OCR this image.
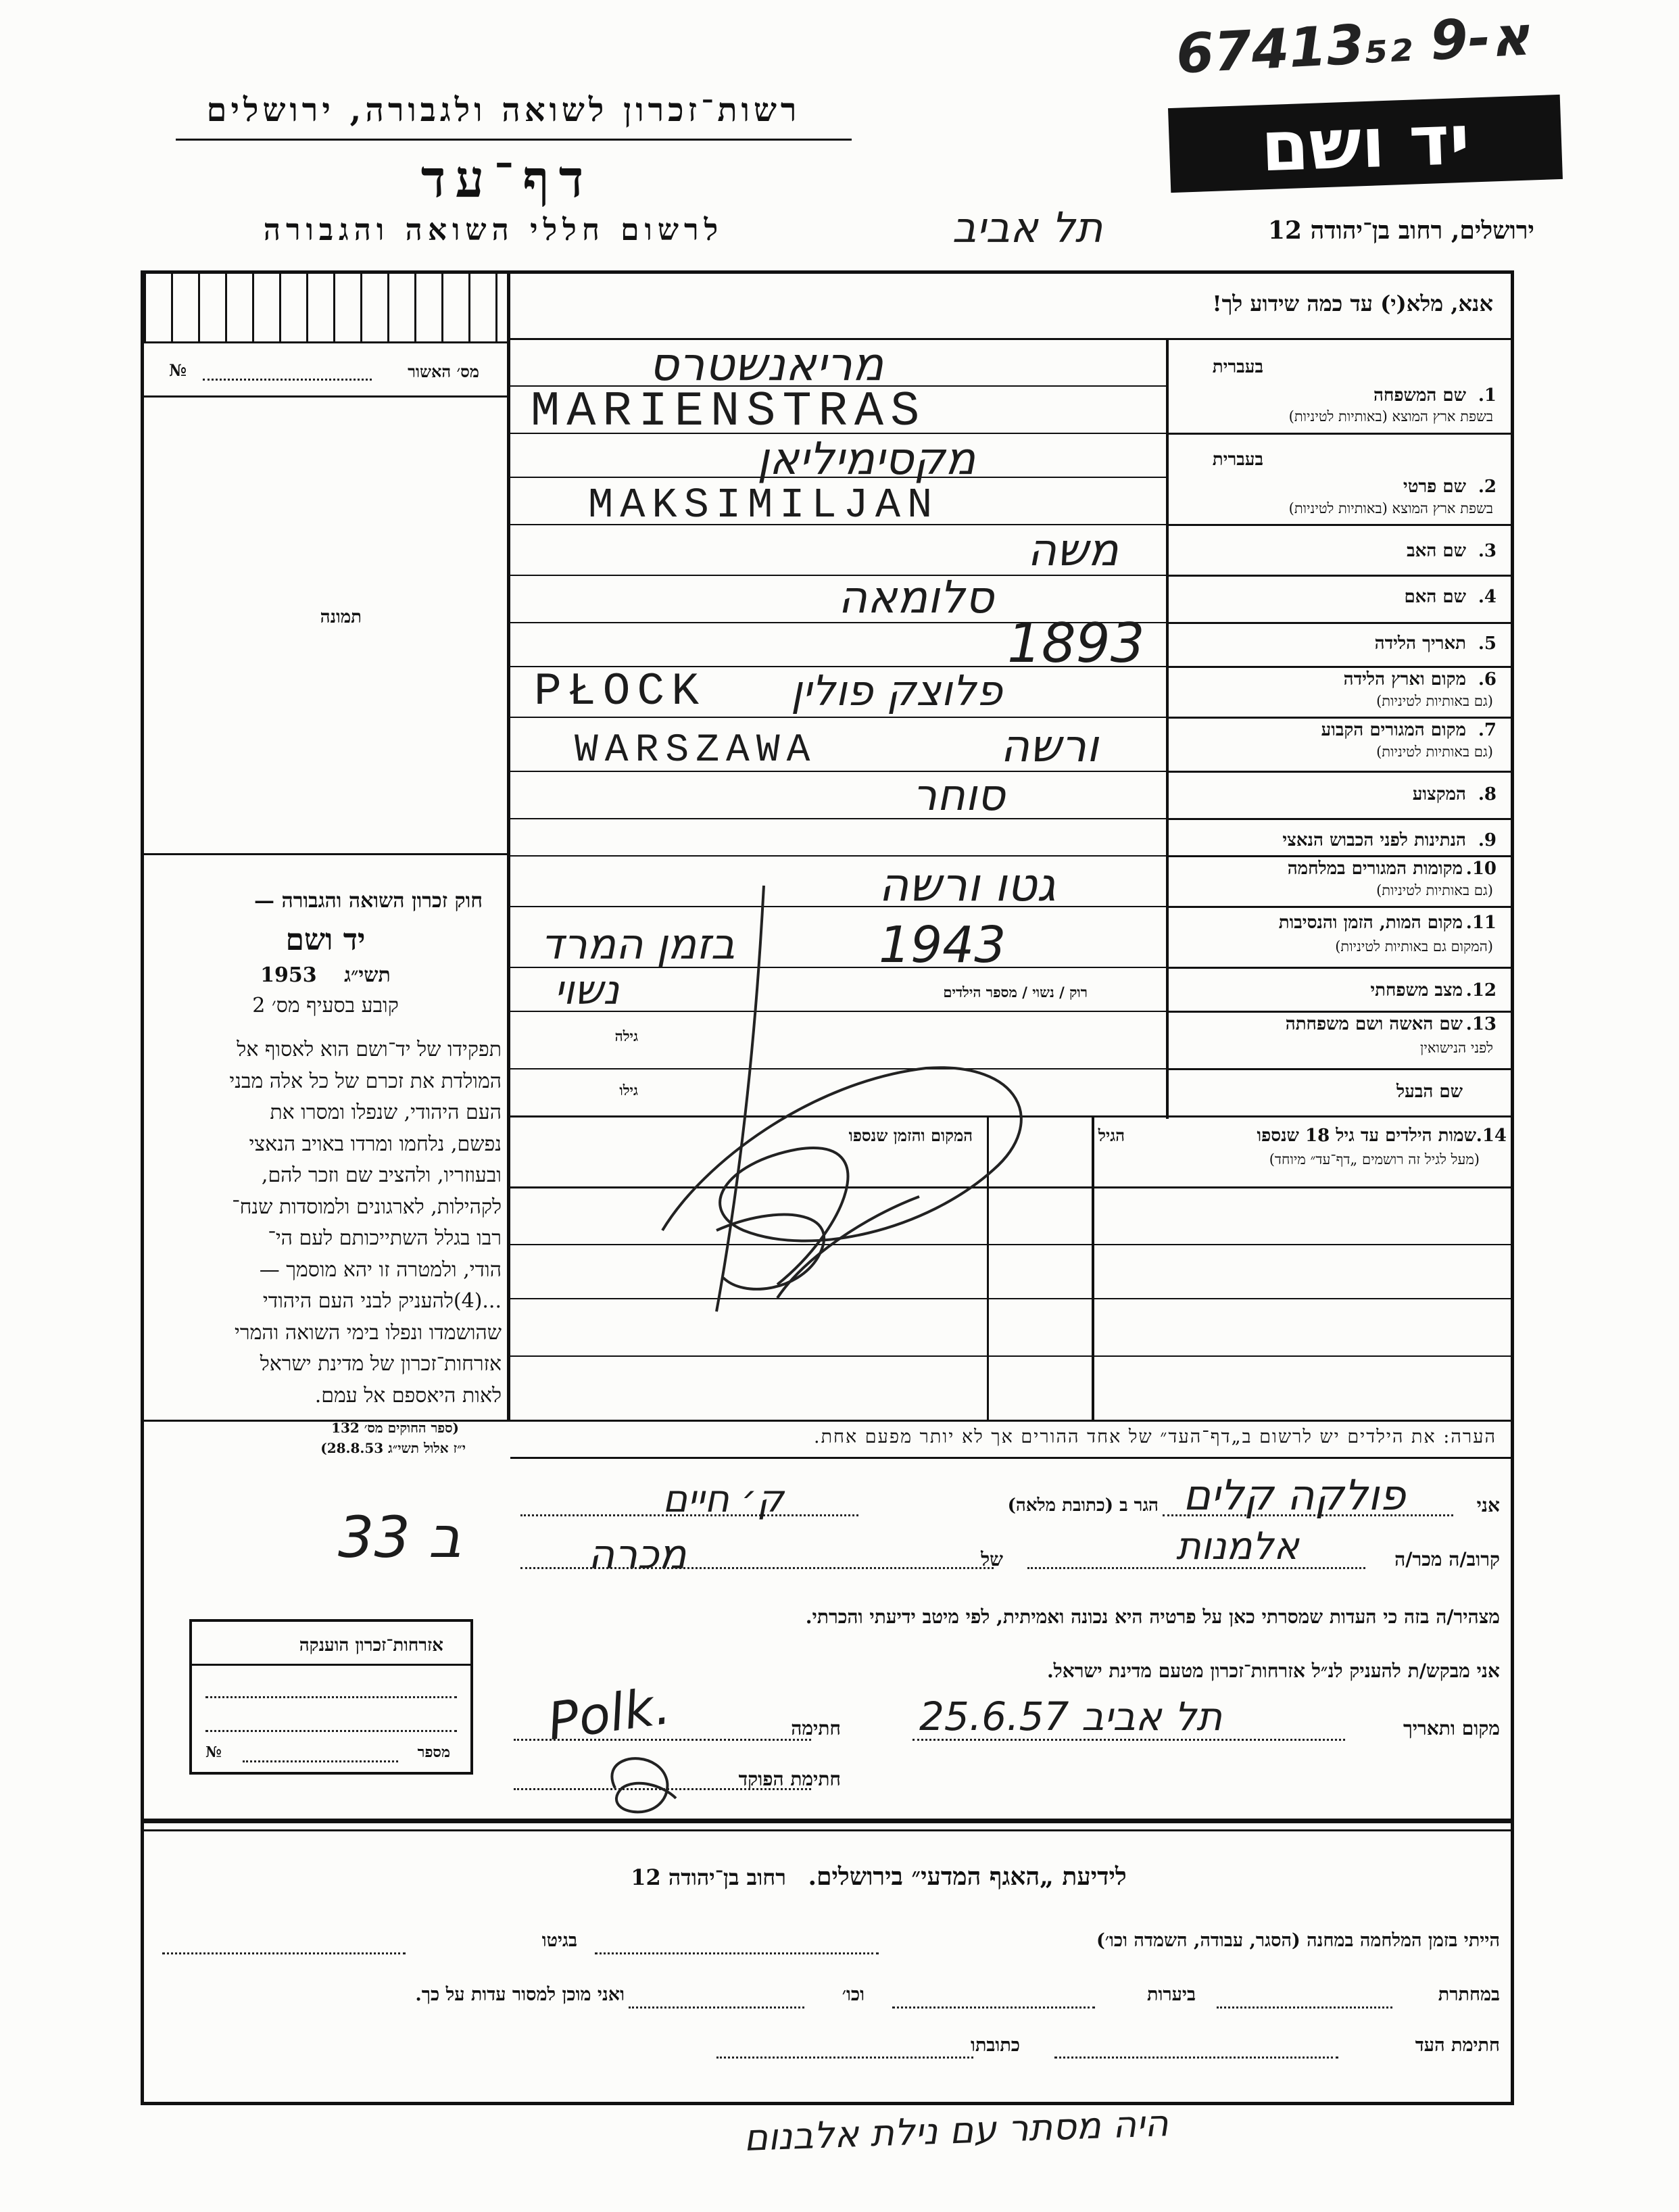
67413₅₂ א-9
רשות־זכרון לשואה ולגבורה, ירושלים
דף־עד
לרשום חללי השואה והגבורה
יד ושם
ירושלים, רחוב בן־יהודה 12
תל אביב
אנא, מלא(י) עד כמה שידוע לך!
מס׳ האשור
№
תמונה
בעברית
1.
שם המשפחה
בשפת ארץ המוצא (באותיות לטיניות)
מריאנשטרס
MARIENSTRAS
בעברית
2.
שם פרטי
בשפת ארץ המוצא (באותיות לטיניות)
מקסימיליאן
MAKSIMILJAN
3.
שם האב
משה
4.
שם האם
סלומאה
5.
תאריך הלידה
1893
6.
מקום וארץ הלידה
(גם באותיות לטיניות)
פלוצק פולין
PŁOCK
7.
מקום המגורים הקבוע
(גם באותיות לטיניות)
ורשה
WARSZAWA
8.
המקצוע
סוחר
9.
הנתינות לפני הכבוש הנאצי
10.
מקומות המגורים במלחמה
(גם באותיות לטיניות)
גטו ורשה
11.
מקום המות, הזמן והנסיבות
(המקום גם באותיות לטיניות)
בזמן המרד	1943
12.
מצב משפחתי
רוק / נשוי / מספר הילדים
נשוי
13.
שם האשה ושם משפחתה
לפני הנישואין
גילה
שם הבעל
גילו
14.
שמות הילדים עד גיל 18 שנספו
(מעל לגיל זה רושמים „דף־עד״ מיוחד)
הגיל
המקום והזמן שנספו
חוק זכרון השואה והגבורה —
יד ושם
תשי״ג 1953
קובע בסעיף מס׳ 2
תפקידו של יד־ושם הוא לאסוף אל
המולדת את זכרם של כל אלה מבני
העם היהודי, שנפלו ומסרו את
נפשם, נלחמו ומרדו באויב הנאצי
ובעוזריו, ולהציב שם וזכר להם,
לקהילות, לארגונים ולמוסדות שנח־
רבו בגלל השתייכותם לעם הי־
הודי, ולמטרה זו יהא מוסמך —
...(4)להעניק לבני העם היהודי
שהושמדו ונפלו בימי השואה והמרי
אזרחות־זכרון של מדינת ישראל
לאות היאספם אל עמם.
(ספר החוקים מס׳ 132
י״ז אלול תשי״ג 28.8.53)
הערה: את הילדים יש לרשום ב„דף־העד״ של אחד ההורים אך לא יותר מפעם אחת.
אני
פולקה קלים
הגר ב (כתובת מלאה)
ק׳ חיים
ב 33	קרוב/ה מכר/ה
אלמנות
של
מכרה
מצהיר/ה בזה כי העדות שמסרתי כאן על פרטיה היא נכונה ואמיתית, לפי מיטב ידיעתי והכרתי.
אני מבקש/ת להעניק לנ״ל אזרחות־זכרון מטעם מדינת ישראל.
מקום ותאריך
תל אביב 25.6.57
חתימה
Polk.
חתימת הפוקד
אזרחות־זכרון הוענקה
מספר
№
לידיעת „האגף המדעי״ בירושלים. רחוב בן־יהודה 12
הייתי בזמן המלחמה במחנה (הסגר, עבודה, השמדה וכו׳)
בגיטו
במחתרת
ביערות
וכו׳
ואני מוכן למסור עדות על כך.
חתימת העד
כתובתו
היה מסתר עם נילת אלבנום
